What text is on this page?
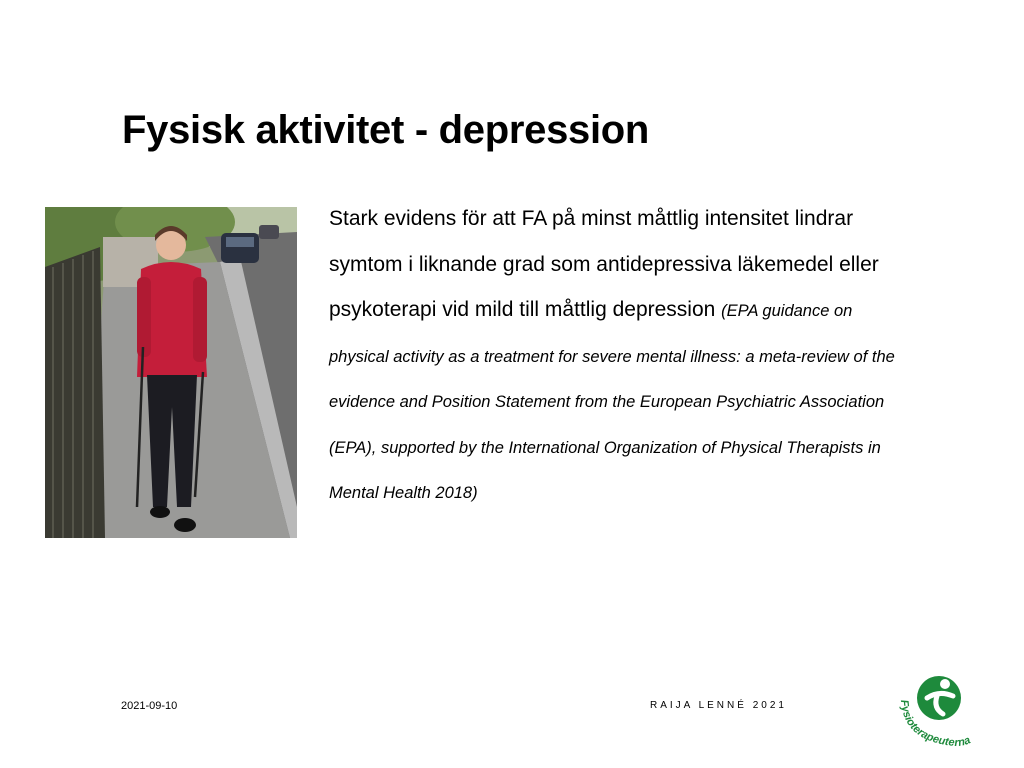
Fysisk aktivitet - depression

Stark evidens för att FA på minst måttlig intensitet lindrar symtom i liknande grad som antidepressiva läkemedel eller psykoterapi vid mild till måttlig depression (EPA guidance on physical activity as a treatment for severe mental illness: a meta-review of the evidence and Position Statement from the European Psychiatric Association (EPA), supported by the International Organization of Physical Therapists in Mental Health 2018)

2021-09-10	RAIJA LENNÉ 2021	Fysioterapeuterna
